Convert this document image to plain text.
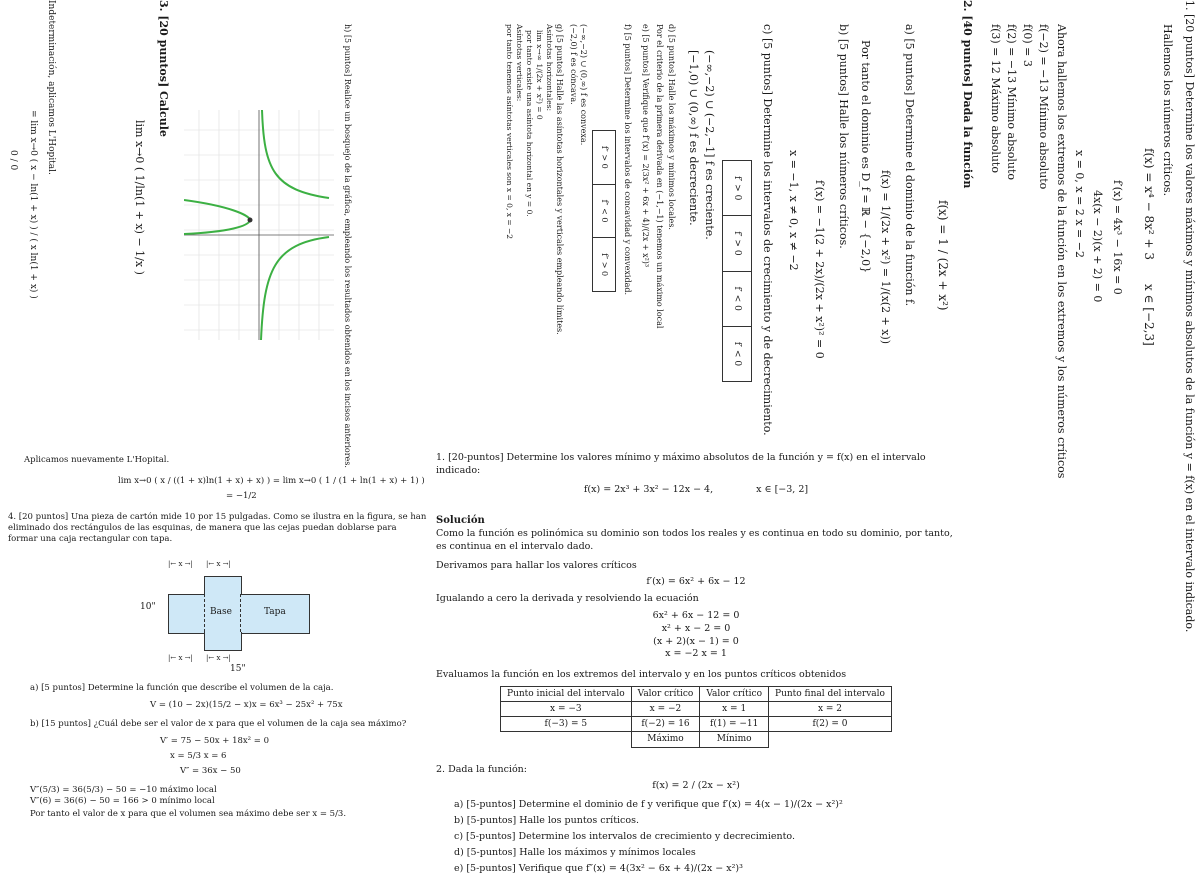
1. [20 puntos] Determine los valores máximos y mínimos absolutos de la función y = f(x) en el intervalo indicado.
Hallemos los números críticos.
f(x) = x⁴ − 8x² + 3
x ∈ [−2,3]
f′(x) = 4x³ − 16x = 0
4x(x − 2)(x + 2) = 0
x = 0, x = 2 x = −2
Ahora hallemos los extremos de la función en los extremos y los números críticos
f(−2) = −13 Mínimo absoluto
f(0) = 3
f(2) = −13 Mínimo absoluto
f(3) = 12 Máximo absoluto
2. [40 puntos] Dada la función
f(x) = 1 / (2x + x²)
a) [5 puntos] Determine el dominio de la función f.
f(x) = 1/(2x + x²) = 1/(x(2 + x))
Por tanto el dominio es D_f = ℝ − {−2,0}
b) [5 puntos] Halle los números críticos.
f′(x) = −1(2 + 2x)/(2x + x²)² = 0
x = −1, x ≠ 0, x ≠ −2
c) [5 puntos] Determine los intervalos de crecimiento y de decrecimiento.
f′ > 0
f′ > 0
f′ < 0
f′ < 0
(−∞,−2) ∪ (−2,−1] f es creciente.
[−1,0) ∪ (0,∞) f es decreciente.
d) [5 puntos] Halle los máximos y mínimos locales.
Por el criterio de la primera derivada en (−1,−1) tenemos un máximo local
e) [5 puntos] Verifique que f″(x) = 2(3x² + 6x + 4)/(2x + x²)³
f) [5 puntos] Determine los intervalos de concavidad y convexidad.
f″ > 0
f″ < 0
f″ > 0
(−∞,−2) ∪ (0,∞) f es convexa.
(−2,0) f es cóncava.
g) [5 puntos] Halle las asíntotas horizontales y verticales empleando límites.
Asíntotas horizontales:
lim x→∞ 1/(2x + x²) = 0
por tanto existe una asíntota horizontal en y = 0.
Asíntotas verticales:
por tanto tenemos asíntotas verticales son x = 0, x = −2
h) [5 puntos] Realice un bosquejo de la gráfica, empleando los resultados obtenidos en los incisos anteriores.
3. [20 puntos] Calcule
lim x→0 ( 1/ln(1 + x) − 1/x )
Indeterminación, aplicamos L'Hopital.
= lim x→0 ( x − ln(1 + x) ) / ( x ln(1 + x) )
0 / 0

1. [20-puntos] Determine los valores mínimo y máximo absolutos de la función y = f(x) en el intervalo indicado:

f(x) = 2x³ + 3x² − 12x − 4,	x ∈ [−3, 2]

Solución

Como la función es polinómica su dominio son todos los reales y es continua en todo su dominio, por tanto, es continua en el intervalo dado.

Derivamos para hallar los valores críticos

f′(x) = 6x² + 6x − 12

Igualando a cero la derivada y resolviendo la ecuación

6x² + 6x − 12 = 0

x² + x − 2 = 0

(x + 2)(x − 1) = 0

x = −2 x = 1

Evaluamos la función en los extremos del intervalo y en los puntos críticos obtenidos

Punto inicial del intervalo	Valor crítico	Valor crítico	Punto final del intervalo
x = −3	x = −2	x = 1	x = 2
f(−3) = 5	f(−2) = 16	f(1) = −11	f(2) = 0
	Máximo	Mínimo	

2. Dada la función:

f(x) = 2 / (2x − x²)

a) [5-puntos] Determine el dominio de f y verifique que f′(x) = 4(x − 1)/(2x − x²)²

b) [5-puntos] Halle los puntos críticos.

c) [5-puntos] Determine los intervalos de crecimiento y decrecimiento.

d) [5-puntos] Halle los máximos y mínimos locales

e) [5-puntos] Verifique que f″(x) = 4(3x² − 6x + 4)/(2x − x²)³

Aplicamos nuevamente L'Hopital.

lim x→0 ( x / ((1 + x)ln(1 + x) + x) ) = lim x→0 ( 1 / (1 + ln(1 + x) + 1) )

= −1/2

4. [20 puntos] Una pieza de cartón mide 10 por 15 pulgadas. Como se ilustra en la figura, se han eliminado dos rectángulos de las esquinas, de manera que las cejas puedan doblarse para formar una caja rectangular con tapa.

10"
|← x →| |← x →|
Base	Tapa
|← x →| |← x →|
15"

a) [5 puntos] Determine la función que describe el volumen de la caja.

V = (10 − 2x)(15/2 − x)x = 6x³ − 25x² + 75x

b) [15 puntos] ¿Cuál debe ser el valor de x para que el volumen de la caja sea máximo?

V′ = 75 − 50x + 18x² = 0

x = 5/3 x = 6

V″ = 36x − 50

V″(5/3) = 36(5/3) − 50 = −10 máximo local

V″(6) = 36(6) − 50 = 166 > 0 mínimo local

Por tanto el valor de x para que el volumen sea máximo debe ser x = 5/3.
